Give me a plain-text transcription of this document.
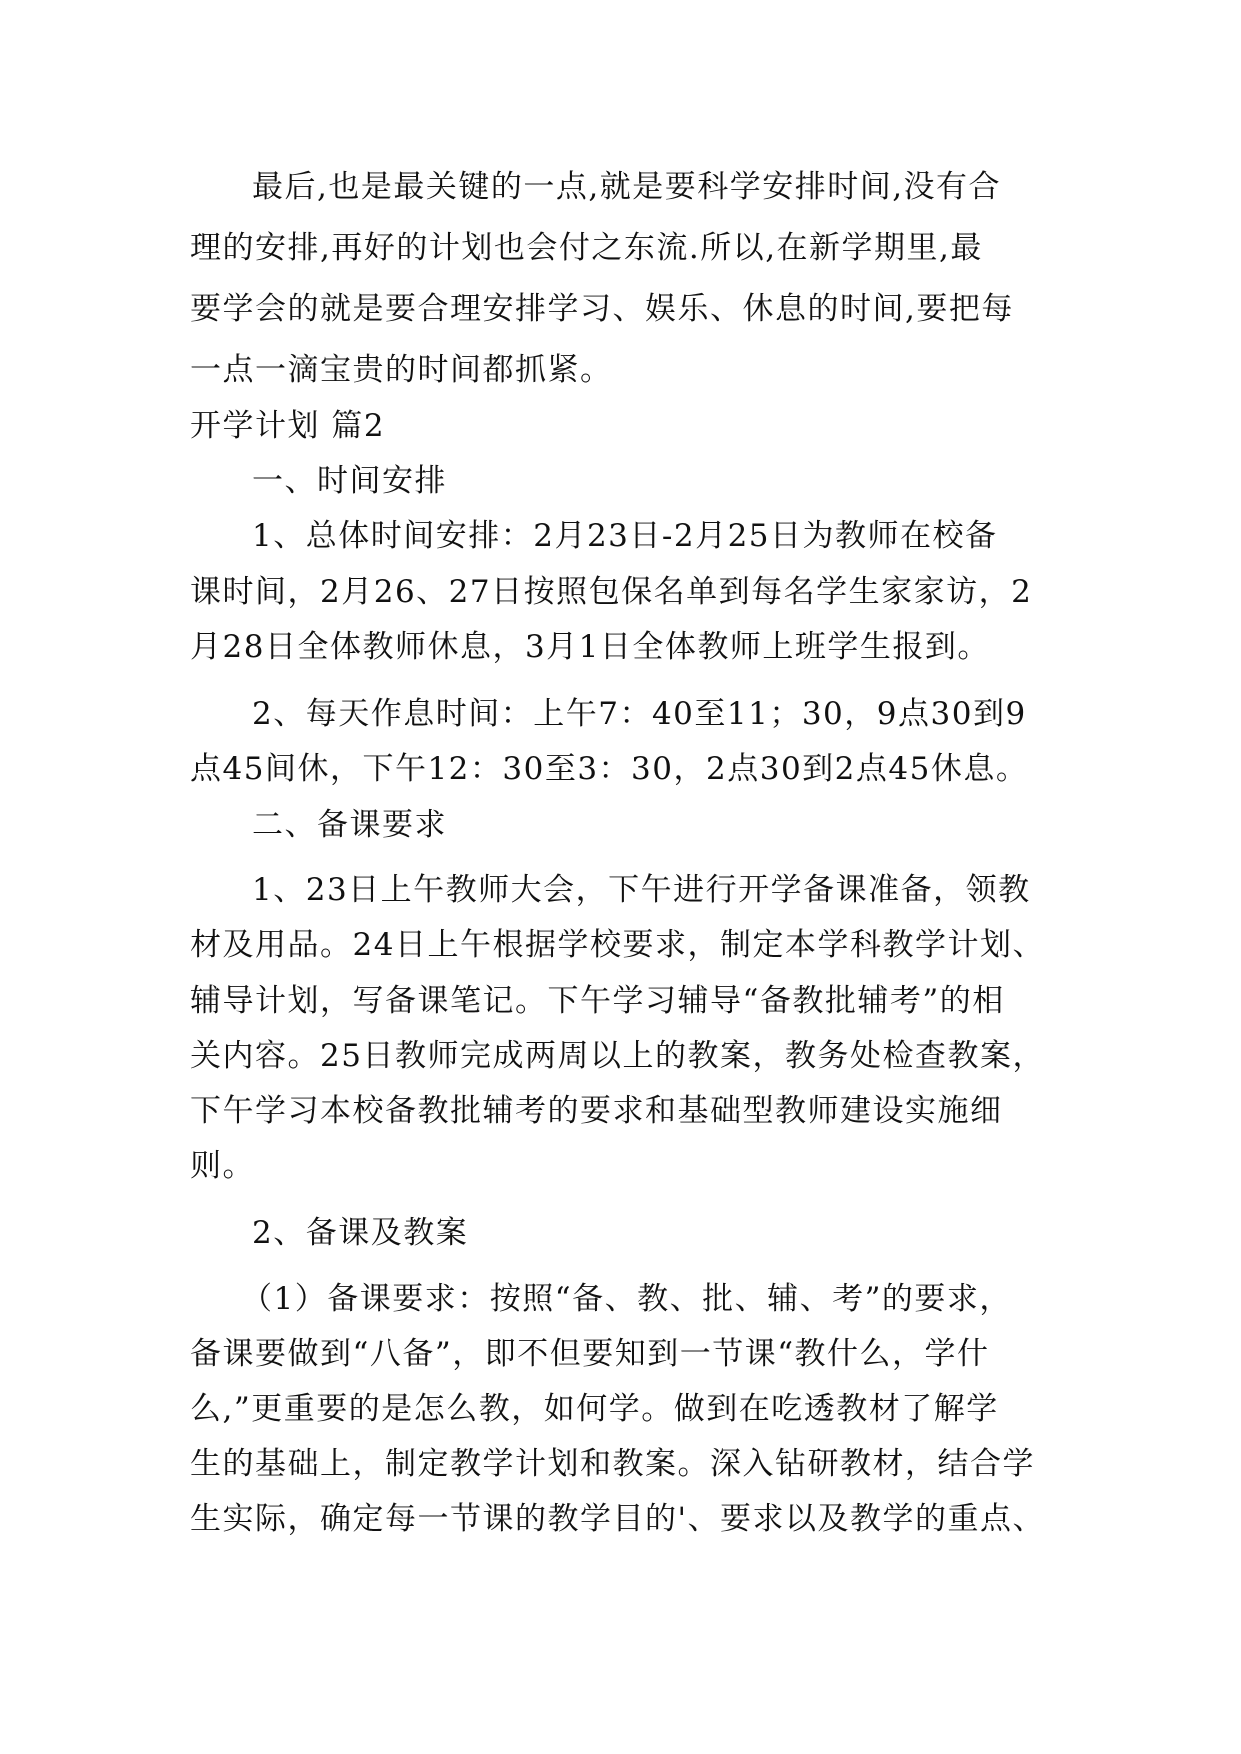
最后,也是最关键的一点,就是要科学安排时间,没有合
理的安排,再好的计划也会付之东流.所以,在新学期里,最
要学会的就是要合理安排学习、娱乐、休息的时间,要把每
一点一滴宝贵的时间都抓紧。
开学计划 篇2
一、时间安排
1、总体时间安排：2月23日-2月25日为教师在校备
课时间，2月26、27日按照包保名单到每名学生家家访，2
月28日全体教师休息，3月1日全体教师上班学生报到。
2、每天作息时间：上午7：40至11；30，9点30到9
点45间休，下午12：30至3：30，2点30到2点45休息。
二、备课要求
1、23日上午教师大会，下午进行开学备课准备，领教
材及用品。24日上午根据学校要求，制定本学科教学计划、
辅导计划，写备课笔记。下午学习辅导“备教批辅考”的相
关内容。25日教师完成两周以上的教案，教务处检查教案，
下午学习本校备教批辅考的要求和基础型教师建设实施细
则。
2、备课及教案
（1）备课要求：按照“备、教、批、辅、考”的要求，
备课要做到“八备”，即不但要知到一节课“教什么，学什
么,”更重要的是怎么教，如何学。做到在吃透教材了解学
生的基础上，制定教学计划和教案。深入钻研教材，结合学
生实际，确定每一节课的教学目的'、要求以及教学的重点、
